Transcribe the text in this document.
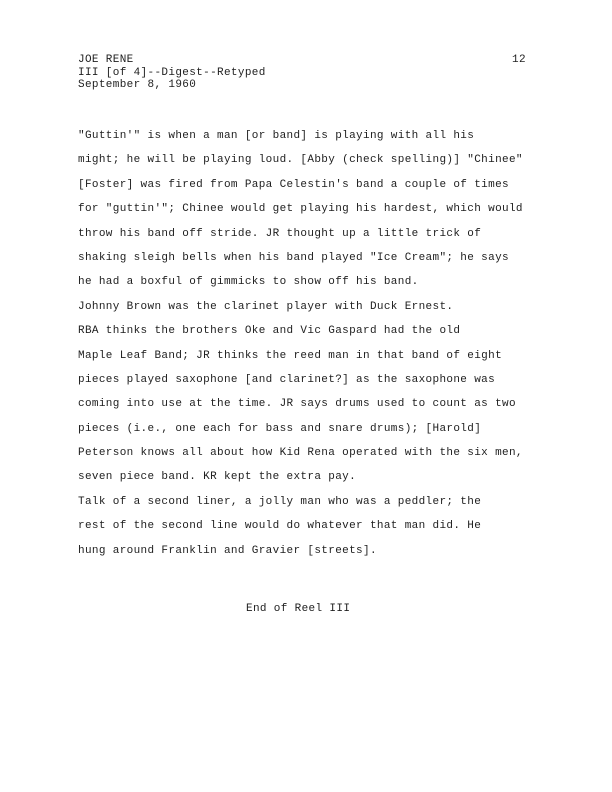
JOE RENE
III [of 4]--Digest--Retyped
September 8, 1960
12
"Guttin'" is when a man [or band] is playing with all his
might; he will be playing loud. [Abby (check spelling)] "Chinee"
[Foster] was fired from Papa Celestin's band a couple of times
for "guttin'"; Chinee would get playing his hardest, which would
throw his band off stride. JR thought up a little trick of
shaking sleigh bells when his band played "Ice Cream"; he says
he had a boxful of gimmicks to show off his band.
Johnny Brown was the clarinet player with Duck Ernest.
RBA thinks the brothers Oke and Vic Gaspard had the old
Maple Leaf Band; JR thinks the reed man in that band of eight
pieces played saxophone [and clarinet?] as the saxophone was
coming into use at the time. JR says drums used to count as two
pieces (i.e., one each for bass and snare drums); [Harold]
Peterson knows all about how Kid Rena operated with the six men,
seven piece band. KR kept the extra pay.
Talk of a second liner, a jolly man who was a peddler; the
rest of the second line would do whatever that man did. He
hung around Franklin and Gravier [streets].
End of Reel III
